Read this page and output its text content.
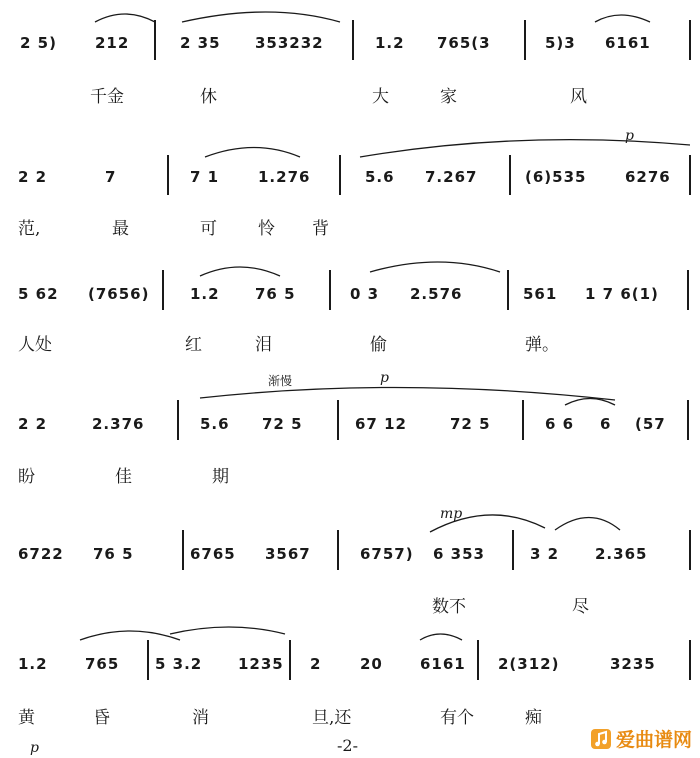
2 5)	212	2 35 353232	1.2 765(3	5)3 6161
千金	休	大	家	风
p
2 2	7	7 1	1.276	5.6 7.267	(6)535	6276
范,	最	可 怜 背
5 62 (7656)	1.2 76 5	0 3 2.576	561 1 7 6(1)
人处	红	泪	偷	弹。
渐慢	p
2 2	2.376	5.6 72 5	67 12	72 5	6 6 6 (57
盼	佳	期
mp
6722 76 5	6765 3567	6757) 6 353	3 2 2.365
数不	尽
1.2 765 5 3.2 1235 2	20 6161 2(312)	3235
黄	昏	消	旦,还	有个	痴
p	-2-	爱曲谱网
